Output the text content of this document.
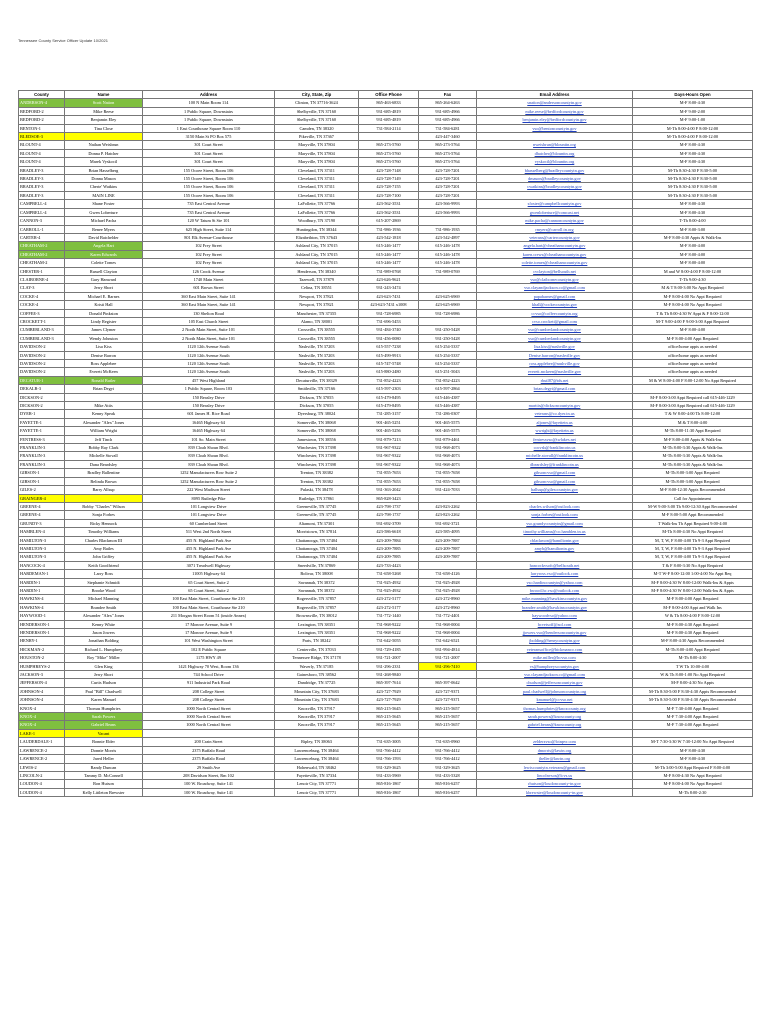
Tennessee County Service Officer Update 10/2021
County	Name	Address	City, State, Zip	Office Phone	Fax	Email Address	Days-Hours Open
ANDERSON-4	Scott Nation	100 N Main Room 114	Clinton, TN 37716-3624	865-463-6833	865-264-6263	snation@andersoncountytn.gov	M-F 8:00-4:30
BEDFORD-2	Mike Reese	1 Public Square, Downstairs	Shelbyville, TN 37160	931-685-4819	931-685-4966	mike.reese@bedfordcountytn.gov	M-F 9:00-2:00
BEDFORD-2	Benjamin Eley	1 Public Square, Downstairs	Shelbyville, TN 37160	931-685-4819	931-685-4966	benjamin.eley@bedfordcountytn.gov	M-F 9:00-1:00
BENTON-1	Tina Close	1 East Courthouse Square Room 110	Camden, TN 38320	731-584-2114	731-584-6281	vso@bentoncountytn.gov	M-Th 8:00-4:00 F 8:00-12:00
BLEDSOE-3		3150 Main St PO Box 575	Pikeville, TN 37367		423-447-3460		M-Th 8:00-4:00 F 8:00-12:00
BLOUNT-4	Nathan Weisbrun	301 Court Street	Maryville, TN 37804	865-273-5760	865-273-5764	nweisbrun@blounttn.org	M-F 8:00-4:30
BLOUNT-4	Donna P. Hatcher	301 Court Street	Maryville, TN 37804	865-273-5760	865-273-5764	dhatcher@blounttn.org	M-F 8:00-4:30
BLOUNT-4	Marek Vyskocil	301 Court Street	Maryville, TN 37804	865-273-5760	865-273-5764	vyskocil@blounttn.org	M-F 8:00-4:30
BRADLEY-3	Brian Hasselberg	155 Ocoee Street, Room 106	Cleveland, TN 37311	423-728-7148	423-728-7201	bhasselberg@bradleycountytn.gov	M-Th 8:30-4:30 F 8:30-5:00
BRADLEY-3	Donna Mason	155 Ocoee Street, Room 106	Cleveland, TN 37311	423-728-7149	423-728-7201	dmason@bradleycountytn.gov	M-Th 8:30-4:30 F 8:30-5:00
BRADLEY-3	Cherie' Watkins	155 Ocoee Street, Room 106	Cleveland, TN 37311	423-728-7155	423-728-7201	cwatkins@bradleycountytn.gov	M-Th 8:30-4:30 F 8:30-5:00
BRADLEY-3	MAIN LINE	155 Ocoee Street, Room 106	Cleveland, TN 37311	423-728-7100	423-728-7201		M-Th 8:30-4:30 F 8:30-5:00
CAMPBELL-4	Shane Foster	735 East Central Avenue	LaFollette, TN 37766	423-562-3531	423-566-9993	sfoster@campbellcountytn.gov	M-F 8:00-4:30
CAMPBELL-4	Gwen Loberture	735 East Central Avenue	LaFollette, TN 37766	423-562-3531	423-566-9993	gwenloberture@comcast.net	M-F 8:00-4:30
CANNON-3	Michael Pacha	120 W Tatum St Ste 101	Woodbury, TN 37190	615-207-2869		mike.pacha@cannoncountytn.gov	T-Th 8:00-4:00
CARROLL-1	Renee Myers	625 High Street, Suite 114	Huntingdon, TN 38344	731-986-1936	731-986-1935	rmyers@carroll.tn.org	M-F 8:00-3:00
CARTER-4	David Batchelder	801 Elk Avenue-Courthouse	Elizabethton, TN 37643	423-542-1818	423-542-4897	veterans@cartercountytn.gov	M-F 8:00-4:30 Appts & Walk-Ins
CHEATHAM-2	Angela Hart	102 Frey Street	Ashland City, TN 37015	615-246-1477	615-246-1478	angela.hart@cheathamcountytn.gov	M-F 8:00-4:00
CHEATHAM-2	Karen Edwards	102 Frey Street	Ashland City, TN 37015	615-246-1477	615-246-1478	karen.crews@cheathamcountytn.gov	M-F 8:00-4:00
CHEATHAM-2	Colette Tomes	102 Frey Street	Ashland City, TN 37015	615-246-1477	615-246-1478	colette.tomes@cheathamcountytn.gov	M-F 8:00-4:00
CHESTER-1	Russell Clayton	126 Crook Avenue	Henderson, TN 38340	731-989-0768	731-989-0769	cvclayton@bellsouth.net	M and W 8:00-4:00 F 8:00-12:00
CLAIBORNE-4	Gary Hanward	1740 Main Street	Tazewell, TN 37879	423-626-9621		vso@claibornecountytn.gov	T-Th 9:00-4:30
CLAY-3	Jerry Short	601 Brown Street	Celina, TN 38551	931-243-3474		vso.clayandjackson.co@gmail.com	M & T 8:00-3:00 No Appt Required
COCKE-4	Michael E. Barnes	360 East Main Street, Suite 141	Newport, TN 37821	423-623-7431	423-625-6969	papabarnes@gmail.com	M-F 8:00-4:00 No Appt Required
COCKE-4	Kristi Hall	360 East Main Street, Suite 141	Newport, TN 37821	423-623-7431 x1008	423-625-6969	khall@cockecountytn.gov	M-F 8:00-4:00 No Appt Required
COFFEE-3	Donald Pinkston	130 Shelton Road	Manchester, TN 37355	931-728-6985	931-728-6986	ccvso@coffeecountytn.org	T & Th 8:00-4:30 W Appt & F 8:00-12:00
CROCKETT-1	Lindy Register	105 East Church Street	Alamo, TN 38001	731-696-5453		cvso.crockett@gmail.com	M-T 9:00-4:00 F 9:00-3:00 Appt Required
CUMBERLAND-3	James Clymer	2 North Main Street, Suite 101	Crossville, TN 38555	931-484-3740	931-250-5428	vso@cumberlandcountytn.gov	M-F 8:00-4:00
CUMBERLAND-3	Wendy Johnston	2 North Main Street, Suite 101	Crossville, TN 38555	931-456-0080	931-250-5428	vso@cumberlandcountytn.gov	M-F 8:00-4:00 Appt Required
DAVIDSON-2	Lisa Kiss	1120 12th Avenue South	Nashville, TN 37203	615-557-7238	615-254-5337	lisa.kiss@nashville.gov	office/home appts as needed
DAVIDSON-2	Denise Barron	1120 12th Avenue South	Nashville, TN 37203	615-499-9913	615-254-5337	Denise.barron@nashville.gov	office/home appts as needed
DAVIDSON-2	Ross Applebee	1120 12th Avenue South	Nashville, TN 37203	615-747-5748	615-254-5337	ross.applebee@nashville.gov	office/home appts as needed
DAVIDSON-2	Everett McKeen	1120 12th Avenue South	Nashville, TN 37203	615-880-2480	615-251-5043	everett.mckeen@nashville.gov	office/home appts as needed
DECATUR-1	Ronald Butler	457 West Highland	Decaturville, TN 38329	731-852-4223	731-852-4223	rbutl87@tds.net	M & W 8:00-4:00 F 8:00-12:00 No Appt Required
DEKALB-3	Brian Degyi	1 Public Square, Room 103	Smithville, TN 37166	615-597-2303	615-597-2864	brian.degyi@gmail.com	
DICKSON-2		150 Beasley Drive	Dickson, TN 37055	615-479-8495	615-446-4387		M-F 8:00-3:00 Appt Required call 615-446-1229
DICKSON-2	Mike Attis	150 Beasley Drive	Dickson, TN 37055	615-479-8495	615-446-4387	marttis@dicksoncountytn.gov	M-F 8:00-3:00 Appt Required call 615-446-1229
DYER-1	Kenny Speak	601 James H. Rice Road	Dyersburg, TN 38024	731-285-3157	731-286-0307	veterans@co.dyer.tn.us	T & W 8:00-4:00 Th 8:00-12:00
FAYETTE-1	Alexander "Alex" Jones	16465 Highway 64	Somerville, TN 38068	901-465-5251	901-465-5575	aljones@fayettetn.us	M & T 8:00-4:00
FAYETTE-1	William Wright	16465 Highway 64	Somerville, TN 38068	901-465-5256	901-465-5575	wwright@fayettetn.us	M-Th 8:00-11:30 Appt Required
FENTRESS-3	Jeff Tinch	101 So. Main Street	Jamestown, TN 38556	931-879-7213	931-879-4461	fentressvso@twlakes.net	M-F 8:00-4:00 Appts & Walk-Ins
FRANKLIN-3	Bobby Ray Clark	839 Cloah Shoun Blvd.	Winchester, TN 37398	931-967-9322	931-968-4073	cocvsb@franklincotn.us	M-Th 8:00-3:30 Appts & Walk-Ins
FRANKLIN-3	Michelle Stovall	839 Cloah Shoun Blvd.	Winchester, TN 37398	931-967-9322	931-968-4073	michelle.stovall@franklincotn.us	M-Th 8:00-3:30 Appts & Walk-Ins
FRANKLIN-3	Dana Beardsley	839 Cloah Shoun Blvd.	Winchester, TN 37398	931-967-9322	931-968-4073	dbeardsley@franklincotn.us	M-Th 8:00-3:30 Appts & Walk-Ins
GIBSON-1	Bradley Ballentine	1252 Manufacturers Row Suite 2	Trenton, TN 38382	731-855-7653	731-855-7658	gibsoncvso@gmail.com	M-Th 8:00-3:00 Appt Required
GIBSON-1	Belinda Brown	1252 Manufacturers Row Suite 2	Trenton, TN 38382	731-855-7653	731-855-7658	gibsoncvso@gmail.com	M-Th 8:00-3:00 Appt Required
GILES-2	Barry Allsup	222 West Madison Street	Pulaski, TN 38478	931-363-2042	931-424-7033	ballsup@gilescountytn.gov	M-F 8:00-12:30 Appts Recommended
GRAINGER-4		8095 Rutledge Pike	Rutledge, TN 37861	865-828-3423			Call for Appointment
GREENE-4	Bobby "Charles" Wilson	101 Longview Drive	Greeneville, TN 37745	423-798-1737	423-823-2262	charles.wilson@outlook.com	M-W 9:00-3:00 Th 9:00-12:30 Appt Recommended
GREENE-4	Sonja Forbes	101 Longview Drive	Greeneville, TN 37745	423-798-1737	423-823-2262	sonja.forbes@outlook.com	M-F 8:00-5:00 Appt Recommended
GRUNDY-3	Ricky Hennock	60 Cumberland Street	Altamont, TN 37301	931-692-3709	931-692-3721	vso.grundycountytn@gmail.com	T Walk-Ins Th Appt Required 9:00-4:00
HAMBLEN-4	Timothy Williams	511 West 2nd North Street	Morristown, TN 37814	423-586-6618	423-585-4095	timothy.williams@co.hamblen.tn.us	M-Th 8:00-4:30 No Appt Required
HAMILTON-3	Charles Blackmon III	455 N. Highland Park Ave	Chattanooga, TN 37404	423-209-7884	423-209-7887	cblackmon@hamiltontn.gov	M, T, W, F 8:00-4:00 Th 9-3 Appt Required
HAMILTON-3	Amy Bailes	455 N. Highland Park Ave	Chattanooga, TN 37404	423-209-7885	423-209-7887	amyb@hamiltontn.gov	M, T, W, F 8:00-4:00 Th 9-3 Appt Required
HAMILTON-3	John Griffey	455 N. Highland Park Ave	Chattanooga, TN 37404	423-209-7885	423-209-7887		M, T, W, F 8:00-4:00 Th 9-3 Appt Required
HANCOCK-4	Keith Goodfriend	3071 Treadwell Highway	Sneedville, TN 37869	423-733-4423		hancockvsofc@bellsouth.net	T & F 8:00-3:30 No Appt Required
HARDEMAN-1	Larry Ross	11005 Highway 64	Bolivar, TN 38008	731-658-5268	731-658-4126	larryross.vso@outlook.com	M-T W-F 8:00-12:00 1:00-4:00 No Appt Req
HARDIN-1	Stephanie Schmidt	65 Court Street, Suite 2	Savannah, TN 38372	731-925-4932	731-925-4928	vso.hardincountytn@yahoo.com	M-F 8:00-4:30 W 8:00-12:00 Walk-Ins & Appts
HARDIN-1	Brooke Wood	65 Court Street, Suite 2	Savannah, TN 38372	731-925-4932	731-925-4928	bwood.hc.vso@outlook.com	M-F 8:00-4:30 W 8:00-12:00 Walk-Ins & Appts
HAWKINS-4	Michael Manning	100 East Main Street, Courthouse Ste 210	Rogersville, TN 37857	423-272-5177	423-272-8960	mike.manning@hawkinscountytn.gov	M-F 8:00-4:00 Appt Required
HAWKINS-4	Brandee Smith	100 East Main Street, Courthouse Ste 210	Rogersville, TN 37857	423-272-5177	423-272-8960	brandee.smith@hawkinscountytn.gov	M-F 8:00-4:00 Appt and Walk Ins
HAYWOOD-1	Alexander "Alex" Jones	211 Morgan Street Room 51 (inside Annex)	Brownsville, TN 38012	731-772-1440	731-772-4401	haywoodvso@yahoo.com	W & Th 8:00-4:00 F 8:00-12:00
HENDERSON-1	Kenny White	17 Monroe Avenue, Suite 9	Lexington, TN 38351	731-968-9222	731-968-0004	hcvetsoff@aol.com	M-F 8:00-4:30 Appt Required
HENDERSON-1	Jason Jowers	17 Monroe Avenue, Suite 9	Lexington, TN 38351	731-968-9222	731-968-0004	jjowers.vso@hendersoncountytn.gov	M-F 8:00-4:30 Appt Required
HENRY-1	Jonathan Bolding	101 West Washington Street	Paris, TN 38242	731-642-5055	731-642-6521	jbolding@henrycountytn.gov	M-F 8:00-4:30 Appts Recommended
HICKMAN-2	Richard L. Humphrey	102 E Public Square	Centerville, TN 37033	931-729-4185	931-994-4814	veteransoffice@hickmanco.com	M-Th 8:00-4:00 Appt Required
HOUSTON-2	Roy "Mike" Miller	1175 HWY 49	Tennessee Ridge, TN 37178	931-721-2007	931-721-2007	mike.miller@hcvso.com	M-Th 8:00-4:30
HUMPHREYS-2	Glen King	1421 Highway 70 West, Room 136	Waverly, TN 37185	931-296-2331	931-296-7410	vs@humphreyscountytn.gov	T W Th 10:00-4:00
JACKSON-3	Jerry Short	744 School Drive	Gainesboro, TN 38562	931-268-9840		vso.clayandjackson.co@gmail.com	W & Th 8:00-1:00 No Appt Required
JEFFERSON-4	Curtis Hudson	911 Industrial Park Road	Dandridge, TN 37725	865-397-7614	865-397-0642	chudson@jeffersoncountytn.gov	M-F 8:00-4:30 No Appts
JOHNSON-4	Paul "Bill" Chadwell	208 College Street	Mountain City, TN 37683	423-727-7929	423-727-9371	paul.chadwell@johnsoncountytn.org	M-Th 8:30-5:00 F 8:30-4:30 Appts Recommended
JOHNSON-4	Karen Manuel	208 College Street	Mountain City, TN 37683	423-727-7929	423-727-9371	kmanuel@jccvso.net	M-Th 8:30-5:00 F 8:30-4:30 Appts Recommended
KNOX-4	Thomas Humphries	1000 North Central Street	Knoxville, TN 37917	865-215-5645	865-215-5657	thomas.humphries@knoxcounty.org	M-F 7:30-4:00 Appt Required
KNOX-4	Sarah Powers	1000 North Central Street	Knoxville, TN 37917	865-215-5645	865-215-5657	sarah.powers@knoxcounty.org	M-F 7:30-4:00 Appt Required
KNOX-4	Gabriel Beans	1000 North Central Street	Knoxville, TN 37917	865-215-5645	865-215-5657	gabriel.beans@knoxcounty.org	M-F 7:30-4:00 Appt Required
LAKE-1	Vacant						
LAUDERDALE-1	Bonnie Elder	200 Crain Street	Ripley, TN 38063	731-635-3005	731-635-0960	zelderzvso@lctnpvr.com	M-T 7:30-3:30 W 7:30-12:00 No Appt Required
LAWRENCE-2	Donnie Morris	2375 Buffalo Road	Lawrenceburg, TN 38464	931-766-4412	931-766-4412	dmorris@lawtn.org	M-F 8:00-4:30
LAWRENCE-2	Jared Heller	2375 Buffalo Road	Lawrenceburg, TN 38464	931-766-1593	931-766-4412	jheller@lawtn.org	M-F 8:00-4:30
LEWIS-2	Randy Duncan	29 Smith Ave	Hohenwald, TN 38462	931-329-3625	931-329-3625	lewiscountytn.veterans@gmail.com	M-Th 3:00-5:00 Appt Required F 8:00-4:00
LINCOLN-2	Tammy D. McConnell	208 Davidson Street, Rm 102	Fayetteville, TN 37334	931-433-5969	931-433-5328	lincolnvsos@lcvs.us	M-F 8:00-4:30 No Appt Required
LOUDON-4	Ron Hutson	100 W. Broadway, Suite 141	Lenoir City, TN 37771	865-816-1867	865-816-6257	rhutson@loudoncounty-tn.gov	M-F 8:00-4:00 No Appt Required
LOUDON-4	Kelly Littleton Brewster	100 W. Broadway, Suite 141	Lenoir City, TN 37771	865-816-1867	865-816-6257	kbrewster@loudoncounty-tn.gov	M-Th 8:00-2:30
